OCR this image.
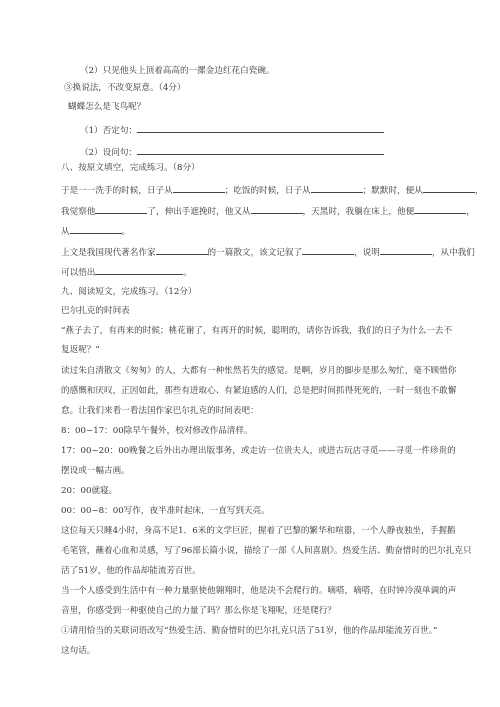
（2）只见他头上顶着高高的一摞金边红花白瓷碗。
③换说法，不改变原意。（4分）
蝴蝶怎么是飞鸟呢？
（1）否定句：
（2）设问句：
八、按原文填空，完成练习。（8分）
于是一一洗手的时候，日子从	；吃饭的时候，日子从	；默默时，便从	，
我觉察他	了，伸出手遮挽时，他又从	，天黑时，我躺在床上，他便	，
从	。
上文是我国现代著名作家	的一篇散文，该文记叙了	，说明	，从中我们
可以悟出	。
九、阅读短文，完成练习。（12分）
巴尔扎克的时间表
“燕子去了，有再来的时候；桃花谢了，有再开的时候，聪明的，请你告诉我，我们的日子为什么一去不
复返呢？”
读过朱自清散文《匆匆》的人，大都有一种怅然若失的感觉。是啊，岁月的脚步是那么匆忙，毫不顾惜你
的感慨和厌叹，正因如此，那些有进取心、有紧迫感的人们，总是把时间抓得死死的，一时一刻也不敢懈
怠。让我们来看一看法国作家巴尔扎克的时间表吧：
8：00~17：00除早午餐外，校对修改作品清样。
17：00~20：00晚餐之后外出办理出版事务，或走访一位贵夫人，或进古玩店寻觅——寻觅一件珍贵的
摆设或一幅古画。
20：00就寝。
00：00~8：00写作，夜半准时起床，一直写到天亮。
这位每天只睡4小时，身高不足1．6米的文学巨匠，握着了巴黎的繁华和喧嚣，一个人静夜独坐，手握鹅
毛笔管，蘸着心血和灵感，写了96部长篇小说，描绘了一部《人间喜剧》。热爱生活、勤奋惜时的巴尔扎克只
活了51岁，他的作品却能流芳百世。
当一个人感受到生活中有一种力量驱使他翱翔时，他是决不会爬行的。嘀嗒，嘀嗒，在时钟冷漠单调的声
音里，你感受到一种驱使自己的力量了吗？那么你是飞翔呢，还是爬行？
①请用恰当的关联词语改写“热爱生活、勤奋惜时的巴尔扎克只活了51岁，他的作品却能流芳百世。”
这句话。
